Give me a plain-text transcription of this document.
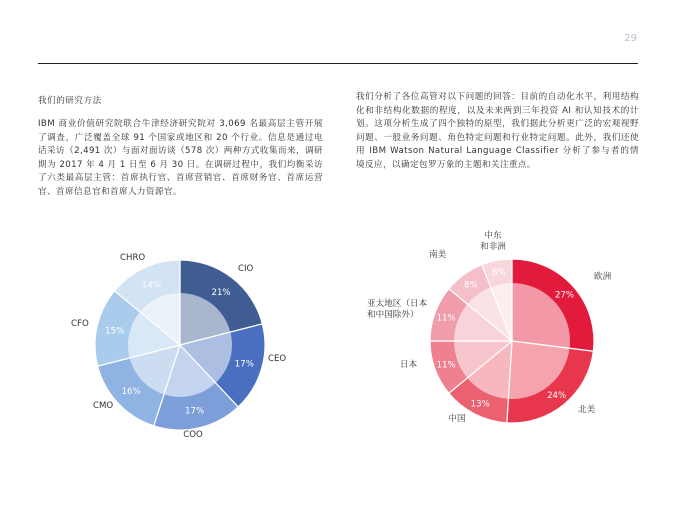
29
我们的研究方法
IBM 商业价值研究院联合牛津经济研究院对 3,069 名最高层主管开展了调查，广泛覆盖全球 91 个国家或地区和 20 个行业。信息是通过电话采访（2,491 次）与面对面访谈（578 次）两种方式收集而来，调研期为 2017 年 4 月 1 日至 6 月 30 日。在调研过程中，我们均衡采访了六类最高层主管：首席执行官、首席营销官、首席财务官、首席运营官、首席信息官和首席人力资源官。
我们分析了各位高管对以下问题的回答：目前的自动化水平，利用结构化和非结构化数据的程度，以及未来两到三年投资 AI 和认知技术的计划。这项分析生成了四个独特的原型，我们据此分析更广泛的宏观视野问题、一般业务问题、角色特定问题和行业特定问题。此外，我们还使用 IBM Watson Natural Language Classifier 分析了参与者的情境反应，以确定包罗万象的主题和关注重点。
21%
17%
17%
16%
15%
14%
CIO
CEO
COO
CMO
CFO
CHRO
27%
24%
13%
11%
11%
8%
6%	欧洲
北美
中国
日本
亚太地区（日本和中国除外）
南美
中东和非洲
